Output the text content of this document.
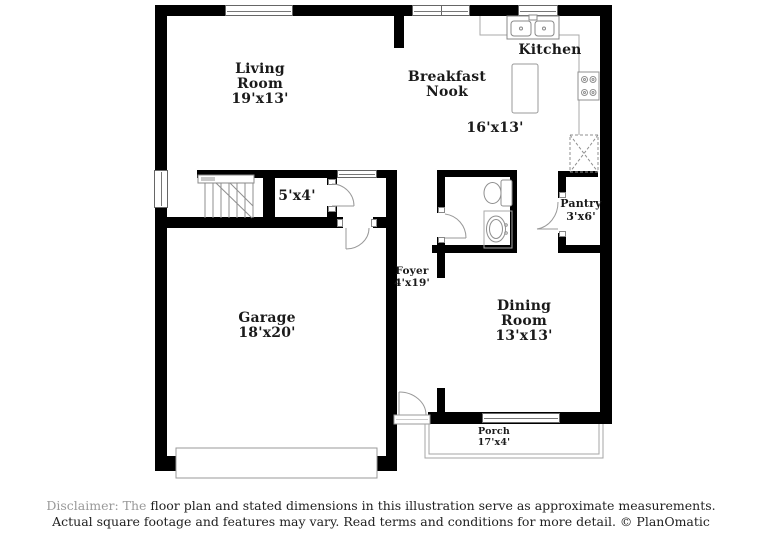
Living
Room
19'x13'
Breakfast
Nook
16'x13'
Kitchen
5'x4'
Foyer
4'x19'
Garage
18'x20'
Dining
Room
13'x13'
Pantry
3'x6'
Porch
17'x4'
Disclaimer: The floor plan and stated dimensions in this illustration serve as approximate measurements.
Actual square footage and features may vary. Read terms and conditions for more detail. © PlanOmatic
